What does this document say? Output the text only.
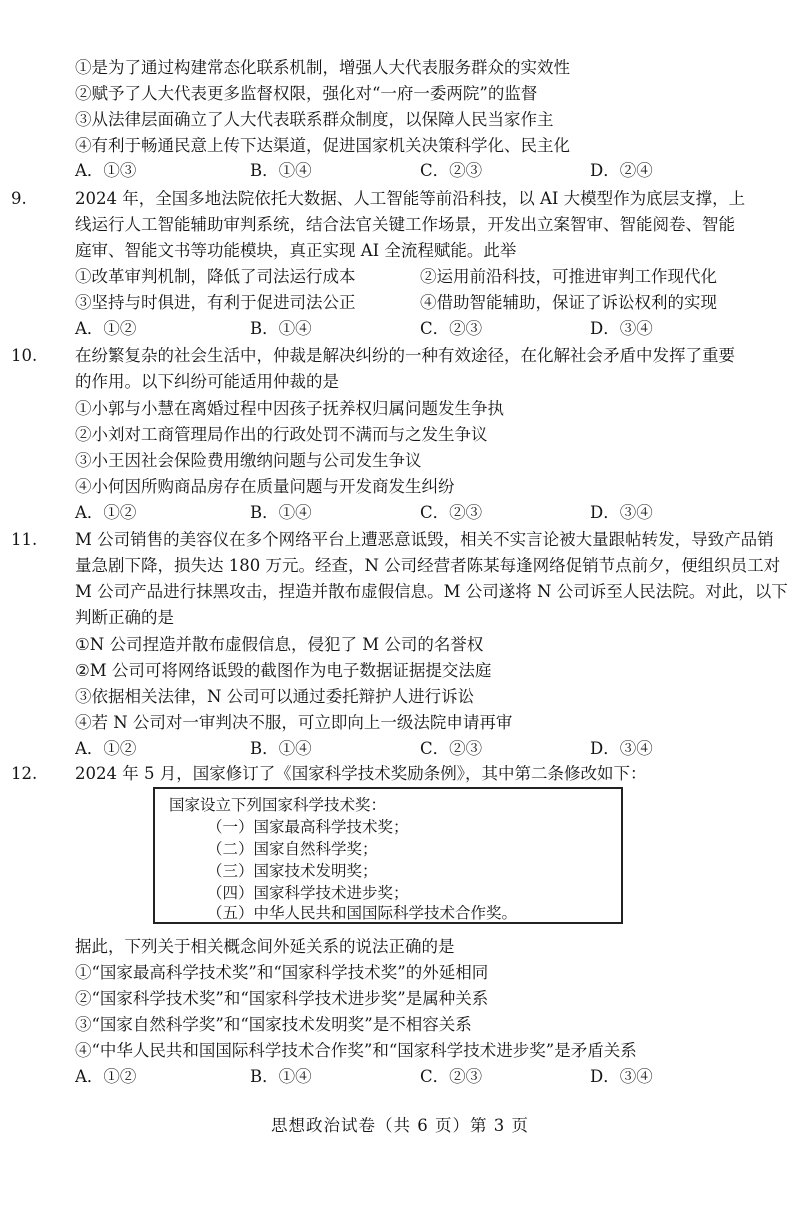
①是为了通过构建常态化联系机制，增强人大代表服务群众的实效性
②赋予了人大代表更多监督权限，强化对“一府一委两院”的监督
③从法律层面确立了人大代表联系群众制度，以保障人民当家作主
④有利于畅通民意上传下达渠道，促进国家机关决策科学化、民主化
A．①③	B．①④	C．②③	D．②④
9.	2024 年，全国多地法院依托大数据、人工智能等前沿科技，以 AI 大模型作为底层支撑，上
线运行人工智能辅助审判系统，结合法官关键工作场景，开发出立案智审、智能阅卷、智能
庭审、智能文书等功能模块，真正实现 AI 全流程赋能。此举
①改革审判机制，降低了司法运行成本	②运用前沿科技，可推进审判工作现代化
③坚持与时俱进，有利于促进司法公正	④借助智能辅助，保证了诉讼权利的实现
A．①②	B．①④	C．②③	D．③④
10.	在纷繁复杂的社会生活中，仲裁是解决纠纷的一种有效途径，在化解社会矛盾中发挥了重要
的作用。以下纠纷可能适用仲裁的是
①小郭与小慧在离婚过程中因孩子抚养权归属问题发生争执
②小刘对工商管理局作出的行政处罚不满而与之发生争议
③小王因社会保险费用缴纳问题与公司发生争议
④小何因所购商品房存在质量问题与开发商发生纠纷
A．①②	B．①④	C．②③	D．③④
11.	M 公司销售的美容仪在多个网络平台上遭恶意诋毁，相关不实言论被大量跟帖转发，导致产品销
量急剧下降，损失达 180 万元。经查，N 公司经营者陈某每逢网络促销节点前夕，便组织员工对
M 公司产品进行抹黑攻击，捏造并散布虚假信息。M 公司遂将 N 公司诉至人民法院。对此，以下
判断正确的是
①N 公司捏造并散布虚假信息，侵犯了 M 公司的名誉权
②M 公司可将网络诋毁的截图作为电子数据证据提交法庭
③依据相关法律，N 公司可以通过委托辩护人进行诉讼
④若 N 公司对一审判决不服，可立即向上一级法院申请再审
A．①②	B．①④	C．②③	D．③④
12.	2024 年 5 月，国家修订了《国家科学技术奖励条例》，其中第二条修改如下：
国家设立下列国家科学技术奖：
（一）国家最高科学技术奖；
（二）国家自然科学奖；
（三）国家技术发明奖；
（四）国家科学技术进步奖；
（五）中华人民共和国国际科学技术合作奖。
据此，下列关于相关概念间外延关系的说法正确的是
①“国家最高科学技术奖”和“国家科学技术奖”的外延相同
②“国家科学技术奖”和“国家科学技术进步奖”是属种关系
③“国家自然科学奖”和“国家技术发明奖”是不相容关系
④“中华人民共和国国际科学技术合作奖”和“国家科学技术进步奖”是矛盾关系
A．①②	B．①④	C．②③	D．③④
思想政治试卷（共 6 页）第 3 页
